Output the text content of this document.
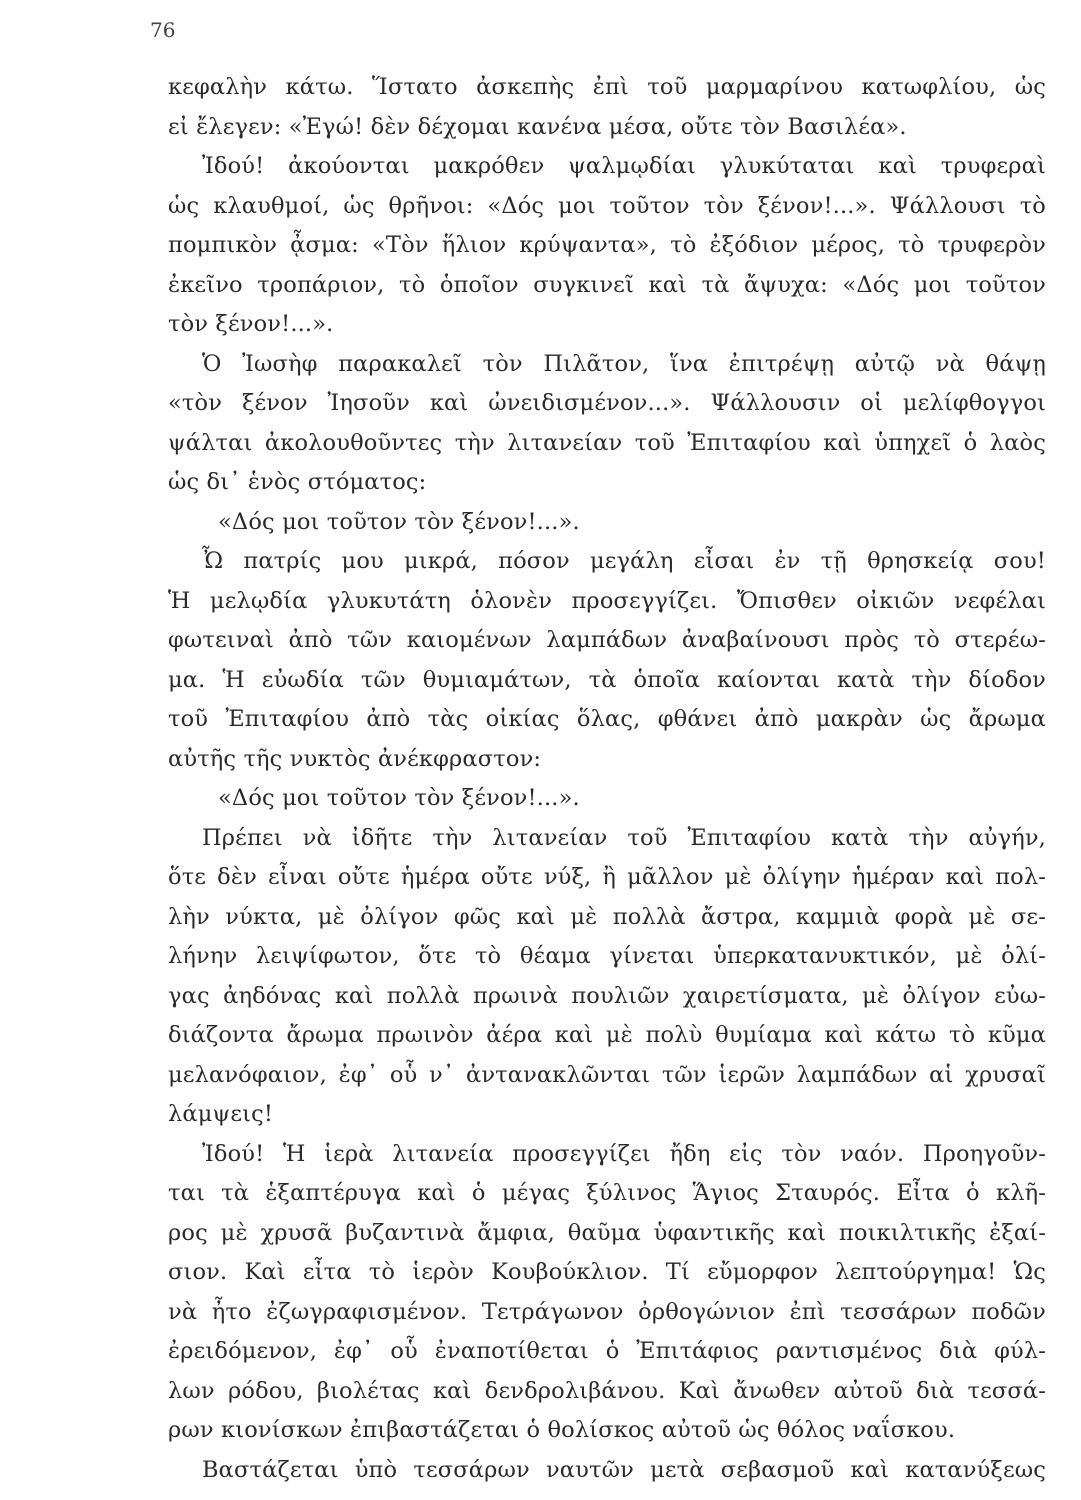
76
κεφαλὴν κάτω. Ἵστατο ἀσκεπὴς ἐπὶ τοῦ μαρμαρίνου κατωφλίου, ὡς
εἰ ἔλεγεν: «Ἐγώ! δὲν δέχομαι κανένα μέσα, οὔτε τὸν Βασιλέα».
Ἰδού! ἀκούονται μακρόθεν ψαλμῳδίαι γλυκύταται καὶ τρυφεραὶ
ὡς κλαυθμοί, ὡς θρῆνοι: «Δός μοι τοῦτον τὸν ξένον!...». Ψάλλουσι τὸ
πομπικὸν ᾆσμα: «Τὸν ἥλιον κρύψαντα», τὸ ἐξόδιον μέρος, τὸ τρυφερὸν
ἐκεῖνο τροπάριον, τὸ ὁποῖον συγκινεῖ καὶ τὰ ἄψυχα: «Δός μοι τοῦτον
τὸν ξένον!...».
Ὁ Ἰωσὴφ παρακαλεῖ τὸν Πιλᾶτον, ἵνα ἐπιτρέψῃ αὐτῷ νὰ θάψῃ
«τὸν ξένον Ἰησοῦν καὶ ὠνειδισμένον...». Ψάλλουσιν οἱ μελίφθογγοι
ψάλται ἀκολουθοῦντες τὴν λιτανείαν τοῦ Ἐπιταφίου καὶ ὑπηχεῖ ὁ λαὸς
ὡς δι᾽ ἑνὸς στόματος:
«Δός μοι τοῦτον τὸν ξένον!...».
Ὦ πατρίς μου μικρά, πόσον μεγάλη εἶσαι ἐν τῇ θρησκείᾳ σου!
Ἡ μελῳδία γλυκυτάτη ὁλονὲν προσεγγίζει. Ὄπισθεν οἰκιῶν νεφέλαι
φωτειναὶ ἀπὸ τῶν καιομένων λαμπάδων ἀναβαίνουσι πρὸς τὸ στερέω-
μα. Ἡ εὐωδία τῶν θυμιαμάτων, τὰ ὁποῖα καίονται κατὰ τὴν δίοδον
τοῦ Ἐπιταφίου ἀπὸ τὰς οἰκίας ὅλας, φθάνει ἀπὸ μακρὰν ὡς ἄρωμα
αὐτῆς τῆς νυκτὸς ἀνέκφραστον:
«Δός μοι τοῦτον τὸν ξένον!...».
Πρέπει νὰ ἰδῆτε τὴν λιτανείαν τοῦ Ἐπιταφίου κατὰ τὴν αὐγήν,
ὅτε δὲν εἶναι οὔτε ἡμέρα οὔτε νύξ, ἢ μᾶλλον μὲ ὀλίγην ἡμέραν καὶ πολ-
λὴν νύκτα, μὲ ὀλίγον φῶς καὶ μὲ πολλὰ ἄστρα, καμμιὰ φορὰ μὲ σε-
λήνην λειψίφωτον, ὅτε τὸ θέαμα γίνεται ὑπερκατανυκτικόν, μὲ ὀλί-
γας ἀηδόνας καὶ πολλὰ πρωινὰ πουλιῶν χαιρετίσματα, μὲ ὀλίγον εὐω-
διάζοντα ἄρωμα πρωινὸν ἀέρα καὶ μὲ πολὺ θυμίαμα καὶ κάτω τὸ κῦμα
μελανόφαιον, ἐφ᾽ οὗ ν᾽ ἀντανακλῶνται τῶν ἱερῶν λαμπάδων αἱ χρυσαῖ
λάμψεις!
Ἰδού! Ἡ ἱερὰ λιτανεία προσεγγίζει ἤδη εἰς τὸν ναόν. Προηγοῦν-
ται τὰ ἑξαπτέρυγα καὶ ὁ μέγας ξύλινος Ἅγιος Σταυρός. Εἶτα ὁ κλῆ-
ρος μὲ χρυσᾶ βυζαντινὰ ἄμφια, θαῦμα ὑφαντικῆς καὶ ποικιλτικῆς ἐξαί-
σιον. Καὶ εἶτα τὸ ἱερὸν Κουβούκλιον. Τί εὔμορφον λεπτούργημα! Ὡς
νὰ ἦτο ἐζωγραφισμένον. Τετράγωνον ὀρθογώνιον ἐπὶ τεσσάρων ποδῶν
ἐρειδόμενον, ἐφ᾽ οὗ ἐναποτίθεται ὁ Ἐπιτάφιος ραντισμένος διὰ φύλ-
λων ρόδου, βιολέτας καὶ δενδρολιβάνου. Καὶ ἄνωθεν αὐτοῦ διὰ τεσσά-
ρων κιονίσκων ἐπιβαστάζεται ὁ θολίσκος αὐτοῦ ὡς θόλος ναΐσκου.
Βαστάζεται ὑπὸ τεσσάρων ναυτῶν μετὰ σεβασμοῦ καὶ κατανύξεως
